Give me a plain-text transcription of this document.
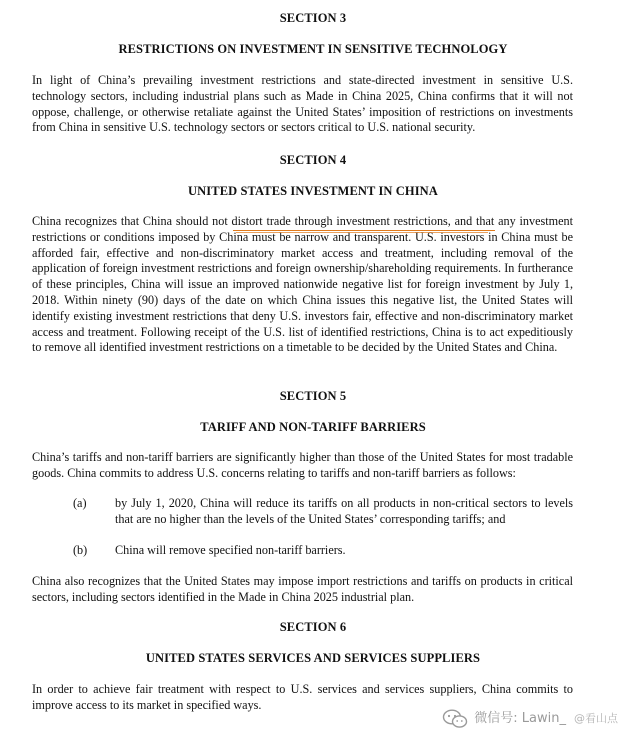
SECTION 3
RESTRICTIONS ON INVESTMENT IN SENSITIVE TECHNOLOGY

In light of China’s prevailing investment restrictions and state-directed investment in sensitive U.S. technology sectors, including industrial plans such as Made in China 2025, China confirms that it will not oppose, challenge, or otherwise retaliate against the United States’ imposition of restrictions on investments from China in sensitive U.S. technology sectors or sectors critical to U.S. national security.

SECTION 4
UNITED STATES INVESTMENT IN CHINA

China recognizes that China should not distort trade through investment restrictions, and that any investment restrictions or conditions imposed by China must be narrow and transparent. U.S. investors in China must be afforded fair, effective and non-discriminatory market access and treatment, including removal of the application of foreign investment restrictions and foreign ownership/shareholding requirements. In furtherance of these principles, China will issue an improved nationwide negative list for foreign investment by July 1, 2018. Within ninety (90) days of the date on which China issues this negative list, the United States will identify existing investment restrictions that deny U.S. investors fair, effective and non-discriminatory market access and treatment. Following receipt of the U.S. list of identified restrictions, China is to act expeditiously to remove all identified investment restrictions on a timetable to be decided by the United States and China.

SECTION 5
TARIFF AND NON-TARIFF BARRIERS

China’s tariffs and non-tariff barriers are significantly higher than those of the United States for most tradable goods. China commits to address U.S. concerns relating to tariffs and non-tariff barriers as follows:

(a)	by July 1, 2020, China will reduce its tariffs on all products in non-critical sectors to levels that are no higher than the levels of the United States’ corresponding tariffs; and

(b)	China will remove specified non-tariff barriers.

China also recognizes that the United States may impose import restrictions and tariffs on products in critical sectors, including sectors identified in the Made in China 2025 industrial plan.

SECTION 6
UNITED STATES SERVICES AND SERVICES SUPPLIERS

In order to achieve fair treatment with respect to U.S. services and services suppliers, China commits to improve access to its market in specified ways.

微信号: Lawin_ @看山点
